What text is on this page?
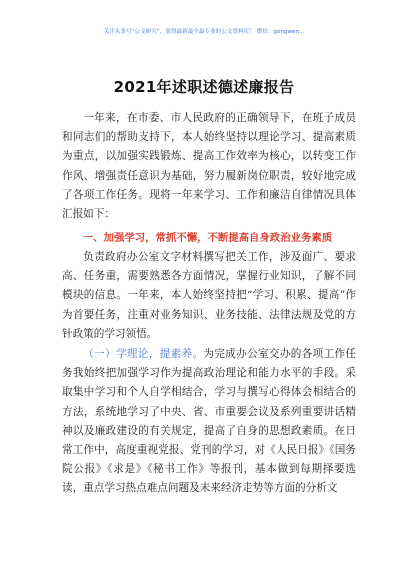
关注头条号“公文研究”，获得最新最全最专业的公文资料库！ 微信：gongwen...
2021年述职述德述廉报告
一年来，在市委、市人民政府的正确领导下，在班子成员和同志们的帮助支持下，本人始终坚持以理论学习、提高素质为重点，以加强实践锻炼、提高工作效率为核心，以转变工作作风、增强责任意识为基础，努力履新岗位职责，较好地完成了各项工作任务。现将一年来学习、工作和廉洁自律情况具体汇报如下：
一、加强学习，常抓不懈，不断提高自身政治业务素质
负责政府办公室文字材料撰写把关工作，涉及面广、要求高、任务重，需要熟悉各方面情况，掌握行业知识，了解不同模块的信息。一年来，本人始终坚持把“学习、积累、提高”作为首要任务，注重对业务知识、业务技能、法律法规及党的方针政策的学习领悟。
（一）学理论，提素养。为完成办公室交办的各项工作任务我始终把加强学习作为提高政治理论和能力水平的手段。采取集中学习和个人自学相结合，学习与撰写心得体会相结合的方法，系统地学习了中央、省、市重要会议及系列重要讲话精神以及廉政建设的有关规定，提高了自身的思想政素质。在日常工作中，高度重视党报、党刊的学习，对《人民日报》《国务院公报》《求是》《秘书工作》等报刊，基本做到每期择要选读，重点学习热点难点问题及未来经济走势等方面的分析文
